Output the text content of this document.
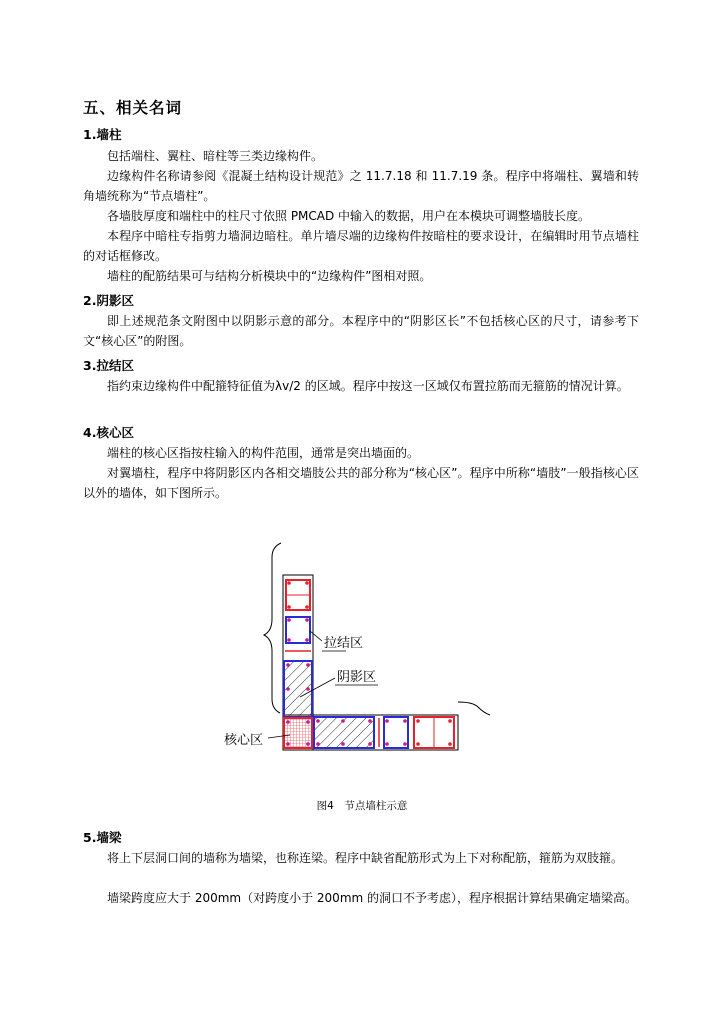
五、相关名词
1.墙柱
包括端柱、翼柱、暗柱等三类边缘构件。
边缘构件名称请参阅《混凝土结构设计规范》之 11.7.18 和 11.7.19 条。程序中将端柱、翼墙和转角墙统称为“节点墙柱”。
各墙肢厚度和端柱中的柱尺寸依照 PMCAD 中输入的数据，用户在本模块可调整墙肢长度。
本程序中暗柱专指剪力墙洞边暗柱。单片墙尽端的边缘构件按暗柱的要求设计，在编辑时用节点墙柱的对话框修改。
墙柱的配筋结果可与结构分析模块中的“边缘构件”图相对照。
2.阴影区
即上述规范条文附图中以阴影示意的部分。本程序中的“阴影区长”不包括核心区的尺寸，请参考下文“核心区”的附图。
3.拉结区
指约束边缘构件中配箍特征值为λv/2 的区域。程序中按这一区域仅布置拉筋而无箍筋的情况计算。
4.核心区
端柱的核心区指按柱输入的构件范围，通常是突出墙面的。
对翼墙柱，程序中将阴影区内各相交墙肢公共的部分称为“核心区”。程序中所称“墙肢”一般指核心区以外的墙体，如下图所示。
拉结区
阴影区
核心区
图4　节点墙柱示意
5.墙梁
将上下层洞口间的墙称为墙梁，也称连梁。程序中缺省配筋形式为上下对称配筋，箍筋为双肢箍。
墙梁跨度应大于 200mm（对跨度小于 200mm 的洞口不予考虑），程序根据计算结果确定墙梁高。
